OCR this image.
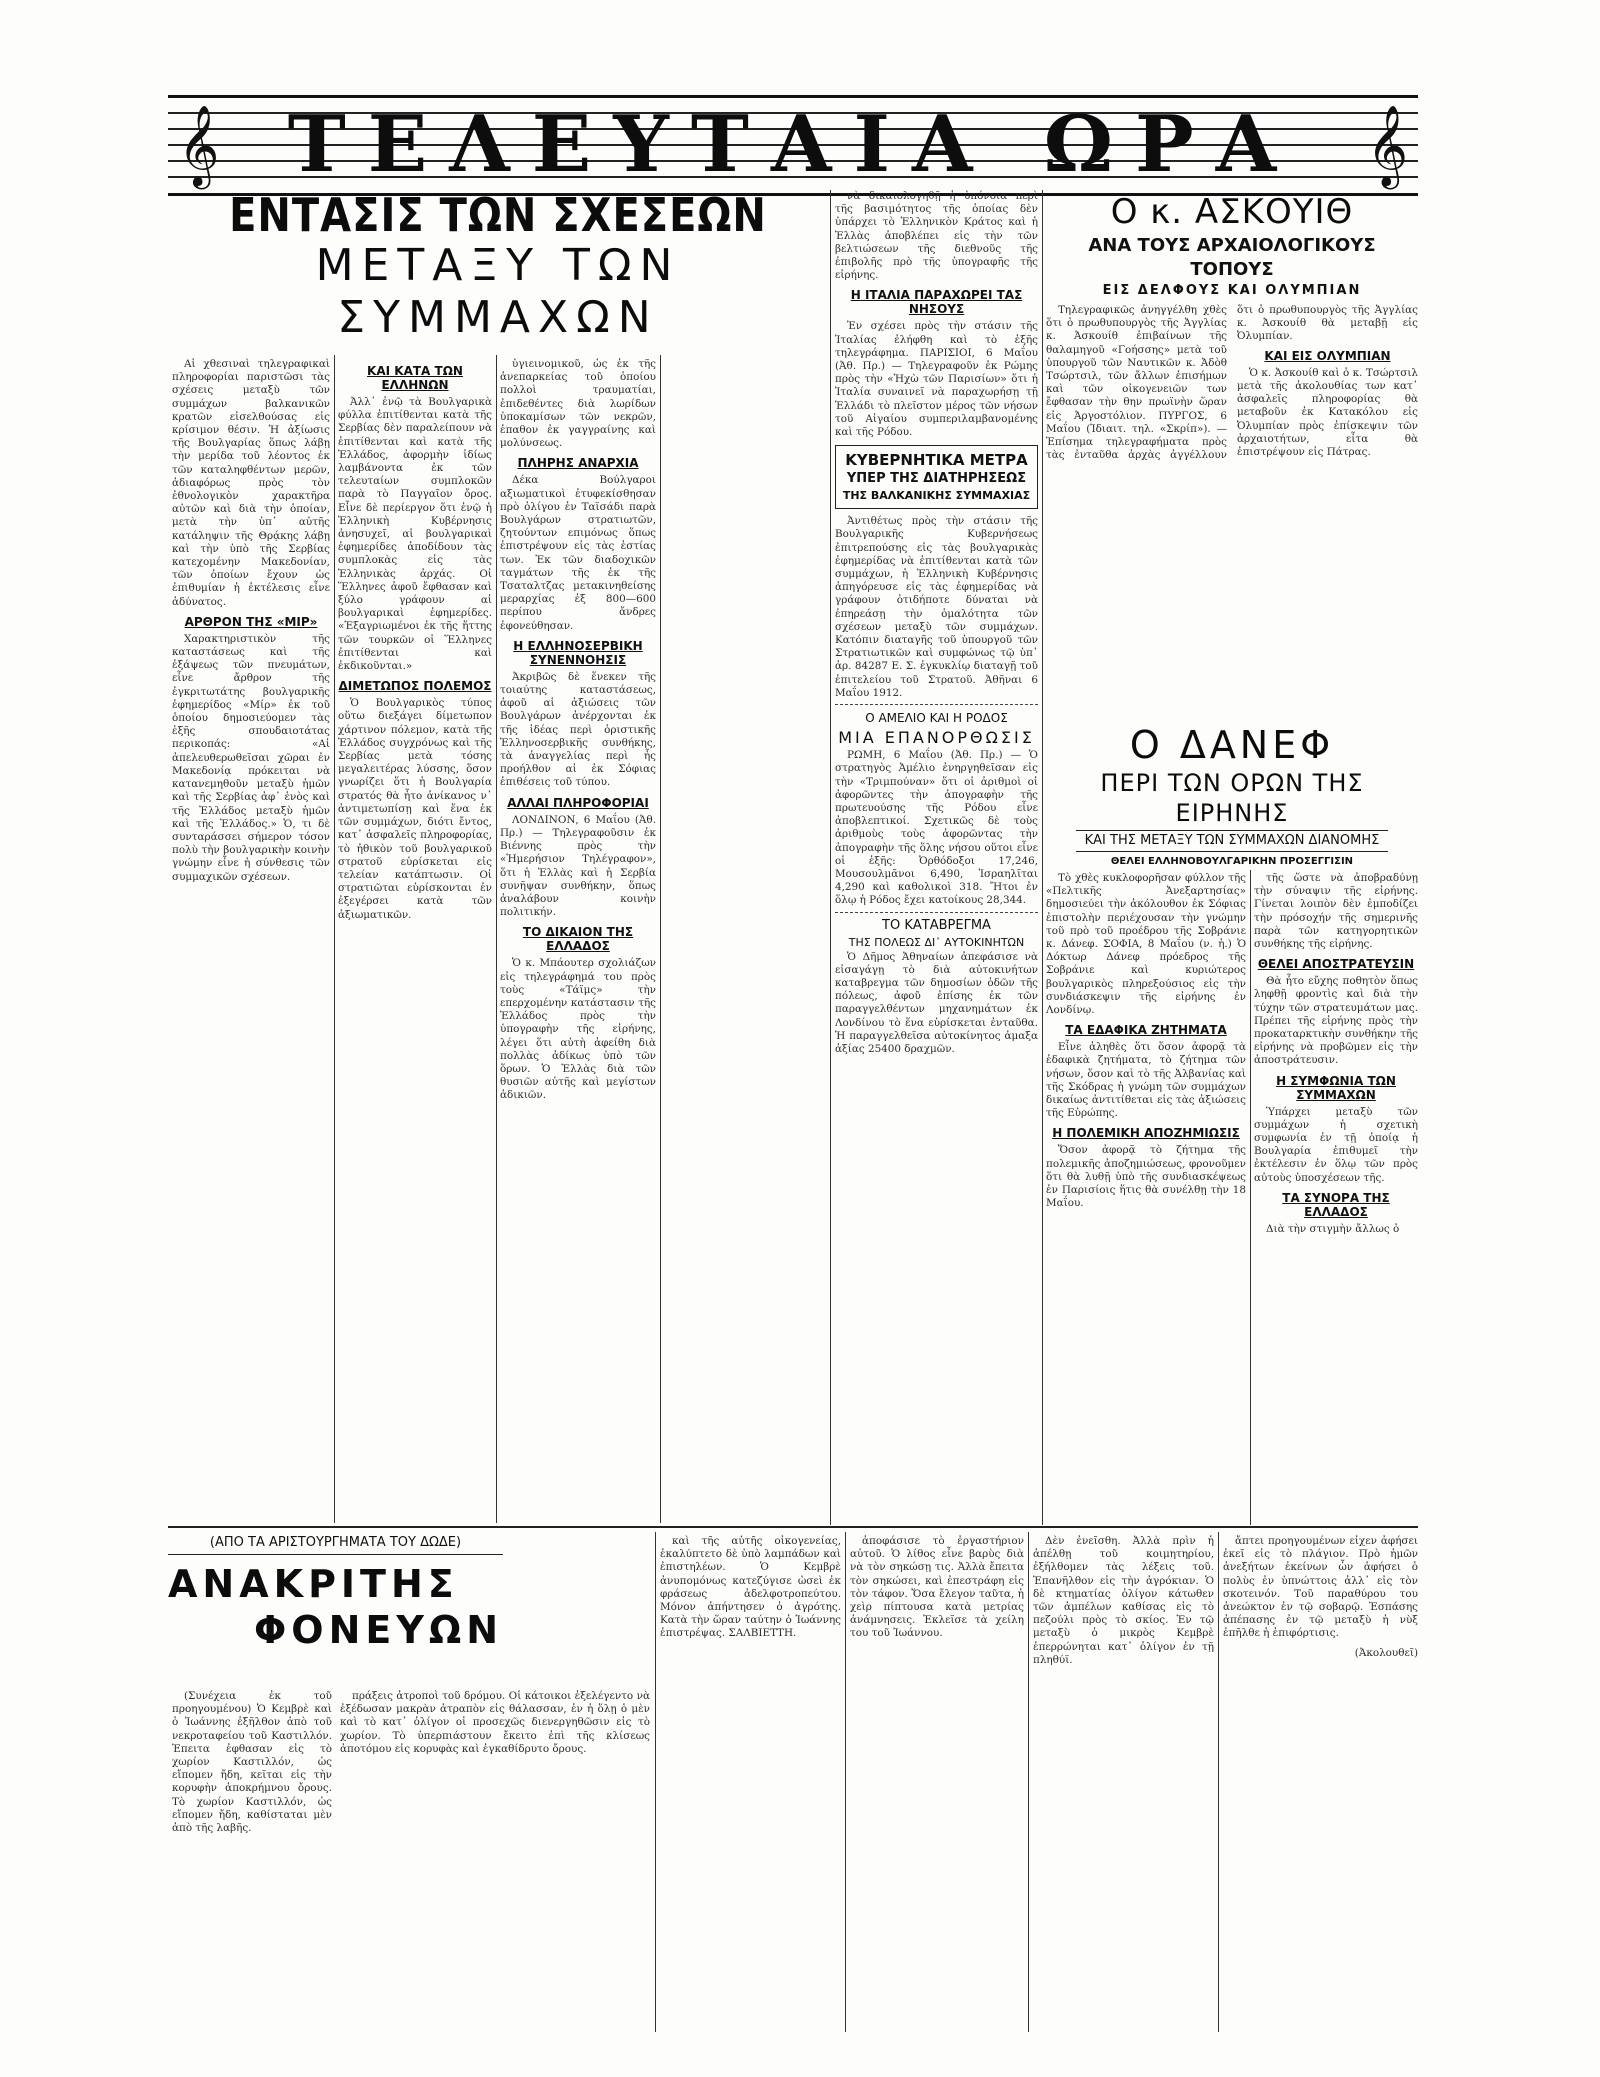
𝄞	𝄞
ΤΕΛΕΥΤΑΙΑ ΩΡΑ
ΕΝΤΑΣΙΣ ΤΩΝ ΣΧΕΣΕΩΝ
ΜΕΤΑΞΥ ΤΩΝ ΣΥΜΜΑΧΩΝ

Αἱ χθεσιναὶ τηλεγραφικαὶ πληροφορίαι παριστῶσι τὰς σχέσεις μεταξὺ τῶν συμμάχων βαλκανικῶν κρατῶν εἰσελθούσας εἰς κρίσιμον θέσιν. Ἡ ἀξίωσις τῆς Βουλγαρίας ὅπως λάβῃ τὴν μερίδα τοῦ λέοντος ἐκ τῶν καταληφθέντων μερῶν, ἀδιαφόρως πρὸς τὸν ἐθνολογικὸν χαρακτῆρα αὐτῶν καὶ διὰ τὴν ὁποίαν, μετὰ τὴν ὑπ᾽ αὐτῆς κατάληψιν τῆς Θρᾴκης λάβῃ καὶ τὴν ὑπὸ τῆς Σερβίας κατεχομένην Μακεδονίαν, τῶν ὁποίων ἔχουν ὡς ἐπιθυμίαν ἡ ἐκτέλεσις εἶνε ἀδύνατος.

ΑΡΘΡΟΝ ΤΗΣ «ΜΙΡ»

Χαρακτηριστικὸν τῆς καταστάσεως καὶ τῆς ἐξάψεως τῶν πνευμάτων, εἶνε ἄρθρον τῆς ἐγκριτωτάτης βουλγαρικῆς ἐφημερίδος «Μίρ» ἐκ τοῦ ὁποίου δημοσιεύομεν τὰς ἑξῆς σπουδαιοτάτας περικοπάς: «Αἱ ἀπελευθερωθεῖσαι χῶραι ἐν Μακεδονίᾳ πρόκειται νὰ κατανεμηθοῦν μεταξὺ ἡμῶν καὶ τῆς Σερβίας ἀφ᾽ ἑνὸς καὶ τῆς Ἑλλάδος μεταξὺ ἡμῶν καὶ τῆς Ἑλλάδος.» Ὁ, τι δὲ συνταράσσει σήμερον τόσον πολὺ τὴν βουλγαρικὴν κοινὴν γνώμην εἶνε ἡ σύνθεσις τῶν συμμαχικῶν σχέσεων.

ΚΑΙ ΚΑΤΑ ΤΩΝ ΕΛΛΗΝΩΝ

Ἀλλ᾽ ἐνῷ τὰ Βουλγαρικὰ φύλλα ἐπιτίθενται κατὰ τῆς Σερβίας δὲν παραλείπουν νὰ ἐπιτίθενται καὶ κατὰ τῆς Ἑλλάδος, ἀφορμὴν ἰδίως λαμβάνοντα ἐκ τῶν τελευταίων συμπλοκῶν παρὰ τὸ Παγγαῖον ὄρος. Εἶνε δὲ περίεργον ὅτι ἐνῷ ἡ Ἑλληνικὴ Κυβέρνησις ἀνησυχεῖ, αἱ βουλγαρικαὶ ἐφημερίδες ἀποδίδουν τὰς συμπλοκὰς εἰς τὰς Ἑλληνικὰς ἀρχάς. Οἱ Ἕλληνες ἀφοῦ ἔφθασαν καὶ ξύλο γράφουν αἱ βουλγαρικαὶ ἐφημερίδες. «Ἐξαγριωμένοι ἐκ τῆς ἥττης τῶν τουρκῶν οἱ Ἕλληνες ἐπιτίθενται καὶ ἐκδικοῦνται.»

ΔΙΜΕΤΩΠΟΣ ΠΟΛΕΜΟΣ

Ὁ Βουλγαρικὸς τύπος οὕτω διεξάγει δίμετωπον χάρτινον πόλεμον, κατὰ τῆς Ἑλλάδος συγχρόνως καὶ τῆς Σερβίας μετὰ τόσης μεγαλειτέρας λύσσης, ὅσον γνωρίζει ὅτι ἡ Βουλγαρία στρατός θὰ ἦτο ἀνίκανος ν᾽ ἀντιμετωπίσῃ καὶ ἕνα ἐκ τῶν συμμάχων, διότι ἔντος, κατ᾽ ἀσφαλεῖς πληροφορίας, τὸ ἠθικὸν τοῦ βουλγαρικοῦ στρατοῦ εὑρίσκεται εἰς τελείαν κατάπτωσιν. Οἱ στρατιῶται εὑρίσκονται ἐν ἐξεγέρσει κατὰ τῶν ἀξιωματικῶν.

ὑγιεινομικοῦ, ὡς ἐκ τῆς ἀνεπαρκείας τοῦ ὁποίου πολλοὶ τραυματίαι, ἐπιδεθέντες διὰ λωρίδων ὑποκαμίσων τῶν νεκρῶν, ἐπαθον ἐκ γαγγραίνης καὶ μολύνσεως.

ΠΛΗΡΗΣ ΑΝΑΡΧΙΑ

Δέκα Βούλγαροι αξιωματικοὶ ἐτυφεκίσθησαν πρὸ ὀλίγου ἐν Ταϊσάδι παρὰ Βουλγάρων στρατιωτῶν, ζητούντων επιμόνως ὅπως ἐπιστρέψουν εἰς τὰς ἑστίας των. Ἐκ τῶν διαδοχικῶν ταγμάτων τῆς ἐκ τῆς Τσαταλτζας μετακινηθείσης μεραρχίας ἐξ 800—600 περίπου ἄνδρες ἐφονεύθησαν.

Η ΕΛΛΗΝΟΣΕΡΒΙΚΗ ΣΥΝΕΝΝΟΗΣΙΣ

Ἀκριβῶς δὲ ἕνεκεν τῆς τοιαύτης καταστάσεως, ἀφοῦ αἱ ἀξιώσεις τῶν Βουλγάρων ἀνέρχονται ἐκ τῆς ἰδέας περὶ ὁριστικῆς Ἑλληνοσερβικῆς συνθήκης, τὰ ἀναγγελίας περὶ ἧς προήλθον αἱ ἐκ Σόφιας ἐπιθέσεις τοῦ τύπου.

ΑΛΛΑΙ ΠΛΗΡΟΦΟΡΙΑΙ

ΛΟΝΔΙΝΟΝ, 6 Μαΐου (Ἀθ. Πρ.) — Τηλεγραφοῦσιν ἐκ Βιέννης πρὸς τὴν «Ἡμερήσιον Τηλέγραφον», ὅτι ἡ Ἑλλὰς καὶ ἡ Σερβία συνῆψαν συνθήκην, ὅπως ἀναλάβουν κοινὴν πολιτικήν.

ΤΟ ΔΙΚΑΙΟΝ ΤΗΣ ΕΛΛΑΔΟΣ

Ὁ κ. Μπάουτερ σχολιάζων εἰς τηλεγράφημά του πρὸς τοὺς «Τάϊμς» τὴν επερχομένην κατάστασιν τῆς Ἑλλάδος πρὸς τὴν ὑπογραφὴν τῆς εἰρήνης, λέγει ὅτι αὐτὴ ἀφείθη διὰ πολλὰς ἀδίκως ὑπὸ τῶν ὅρων. Ὁ Ἑλλὰς διὰ τῶν θυσιῶν αὐτῆς καὶ μεγίστων ἀδικιῶν.

νὰ δικαιολογηθῇ ἡ ὑπόνοια περὶ τῆς βασιμότητος τῆς ὁποίας δὲν ὑπάρχει τὸ Ἑλληνικὸν Κράτος καὶ ἡ Ἑλλὰς ἀποβλέπει εἰς τὴν τῶν βελτιώσεων τῆς διεθνοῦς τῆς ἐπιβολῆς πρὸ τῆς ὑπογραφῆς τῆς εἰρήνης.

Η ΙΤΑΛΙΑ ΠΑΡΑΧΩΡΕΙ ΤΑΣ ΝΗΣΟΥΣ

Ἐν σχέσει πρὸς τὴν στάσιν τῆς Ἰταλίας ἐλήφθη καὶ τὸ ἑξῆς τηλεγράφημα. ΠΑΡΙΣΙΟΙ, 6 Μαΐου (Ἀθ. Πρ.) — Τηλεγραφοῦν ἐκ Ρώμης πρὸς τὴν «Ἠχὼ τῶν Παρισίων» ὅτι ἡ Ἰταλία συναινεῖ νὰ παραχωρήσῃ τῇ Ἑλλάδι τὸ πλεῖστον μέρος τῶν νήσων τοῦ Αἰγαίου συμπεριλαμβανομένης καὶ τῆς Ρόδου.

ΚΥΒΕΡΝΗΤΙΚΑ ΜΕΤΡΑ
ΥΠΕΡ ΤΗΣ ΔΙΑΤΗΡΗΣΕΩΣ
ΤΗΣ ΒΑΛΚΑΝΙΚΗΣ ΣΥΜΜΑΧΙΑΣ

Ἀντιθέτως πρὸς τὴν στάσιν τῆς Βουλγαρικῆς Κυβερνήσεως ἐπιτρεπούσης εἰς τὰς βουλγαρικὰς ἐφημερίδας νὰ ἐπιτίθενται κατὰ τῶν συμμάχων, ἡ Ἑλληνικὴ Κυβέρνησις ἀπηγόρευσε εἰς τὰς ἐφημερίδας νὰ γράφουν ὁτιδήποτε δύναται νὰ ἐπηρεάσῃ τὴν ὁμαλότητα τῶν σχέσεων μεταξὺ τῶν συμμάχων. Κατόπιν διαταγῆς τοῦ ὑπουργοῦ τῶν Στρατιωτικῶν καὶ συμφώνως τῷ ὑπ᾽ ἀρ. 84287 Ε. Σ. ἐγκυκλίῳ διαταγῇ τοῦ ἐπιτελείου τοῦ Στρατοῦ. Ἀθῆναι 6 Μαΐου 1912.

Ο ΑΜΕΛΙΟ ΚΑΙ Η ΡΟΔΟΣ
ΜΙΑ ΕΠΑΝΟΡΘΩΣΙΣ

ΡΩΜΗ, 6 Μαΐου (Ἀθ. Πρ.) — Ὁ στρατηγὸς Ἀμέλιο ἐνηργηθεῖσαν εἰς τὴν «Τριμπούναν» ὅτι οἱ ἀριθμοὶ οἱ ἀφορῶντες τὴν ἀπογραφὴν τῆς πρωτευούσης τῆς Ρόδου εἶνε ἀποβλεπτικοί. Σχετικῶς δὲ τοὺς ἀριθμοὺς τοὺς ἀφορῶντας τὴν ἀπογραφὴν τῆς ὅλης νήσου οὕτοι εἶνε οἱ ἑξῆς: Ὀρθόδοξοι 17,246, Μουσουλμᾶνοι 6,490, Ἰσραηλῖται 4,290 καὶ καθολικοὶ 318. Ἤτοι ἐν ὅλῳ ἡ Ρόδος ἔχει κατοίκους 28,344.

ΤΟ ΚΑΤΑΒΡΕΓΜΑ
ΤΗΣ ΠΟΛΕΩΣ ΔΙ᾽ ΑΥΤΟΚΙΝΗΤΩΝ

Ὁ Δῆμος Ἀθηναίων ἀπεφάσισε νὰ εἰσαγάγῃ τὸ διὰ αὐτοκινήτων καταβρεγμα τῶν δημοσίων ὁδῶν τῆς πόλεως, ἀφοῦ ἐπίσης ἐκ τῶν παραγγελθέντων μηχανημάτων ἐκ Λονδίνου τὸ ἕνα εὑρίσκεται ἐνταῦθα. Ἡ παραγγελθεῖσα αὐτοκίνητος ἀμαξα ἀξίας 25400 δραχμῶν.

Ο κ. ΑΣΚΟΥΙΘ
ΑΝΑ ΤΟΥΣ ΑΡΧΑΙΟΛΟΓΙΚΟΥΣ ΤΟΠΟΥΣ
ΕΙΣ ΔΕΛΦΟΥΣ ΚΑΙ ΟΛΥΜΠΙΑΝ

Τηλεγραφικῶς ἀνηγγέλθη χθὲς ὅτι ὁ πρωθυπουργὸς τῆς Ἀγγλίας κ. Ἀσκουίθ ἐπιβαίνων τῆς θαλαμηγοῦ «Γοήσσης» μετὰ τοῦ ὑπουργοῦ τῶν Ναυτικῶν κ. Ἀδὸθ Τσώρτσιλ, τῶν ἄλλων ἐπισήμων καὶ τῶν οἰκογενειῶν των ἔφθασαν τὴν θην πρωϊνὴν ὥραν εἰς Ἀργοστόλιον. ΠΥΡΓΟΣ, 6 Μαΐου (Ἰδιαιτ. τηλ. «Σκρίπ»). — Ἐπίσημα τηλεγραφήματα πρὸς τὰς ἐνταῦθα ἀρχὰς ἀγγέλλουν ὅτι ὁ πρωθυπουργὸς τῆς Ἀγγλίας κ. Ἀσκουίθ θὰ μεταβῇ εἰς Ὀλυμπίαν.

ΚΑΙ ΕΙΣ ΟΛΥΜΠΙΑΝ

Ὁ κ. Ἀσκουίθ καὶ ὁ κ. Τσώρτσιλ μετὰ τῆς ἀκολουθίας των κατ᾽ ἀσφαλεῖς πληροφορίας θὰ μεταβοῦν ἐκ Κατακόλου εἰς Ὀλυμπίαν πρὸς ἐπίσκεψιν τῶν ἀρχαιοτήτων, εἶτα θὰ ἐπιστρέψουν εἰς Πάτρας.

Ο ΔΑΝΕΦ
ΠΕΡΙ ΤΩΝ ΟΡΩΝ ΤΗΣ ΕΙΡΗΝΗΣ
ΚΑΙ ΤΗΣ ΜΕΤΑΞΥ ΤΩΝ ΣΥΜΜΑΧΩΝ ΔΙΑΝΟΜΗΣ
ΘΕΛΕΙ ΕΛΛΗΝΟΒΟΥΛΓΑΡΙΚΗΝ ΠΡΟΣΕΓΓΙΣΙΝ

Τὸ χθὲς κυκλοφορῆσαν φύλλον τῆς «Πελτικῆς Ἀνεξαρτησίας» δημοσιεύει τὴν ἀκόλουθον ἐκ Σόφιας ἐπιστολὴν περιέχουσαν τὴν γνώμην τοῦ πρὸ τοῦ προέδρου τῆς Σοβράνιε κ. Δάνεφ. ΣΟΦΙΑ, 8 Μαΐου (ν. ἡ.) Ὁ Δόκτωρ Δάνεφ πρόεδρος τῆς Σοβράνιε καὶ κυριώτερος βουλγαρικὸς πληρεξούσιος εἰς τὴν συνδιάσκεψιν τῆς εἰρήνης ἐν Λονδίνῳ.

ΤΑ ΕΔΑΦΙΚΑ ΖΗΤΗΜΑΤΑ

Εἶνε ἀληθὲς ὅτι ὅσον ἀφορᾷ τὰ ἐδαφικὰ ζητήματα, τὸ ζήτημα τῶν νήσων, ὅσον καὶ τὸ τῆς Ἀλβανίας καὶ τῆς Σκόδρας ἡ γνώμη τῶν συμμάχων δικαίως ἀντιτίθεται εἰς τὰς ἀξιώσεις τῆς Εὐρώπης.

Η ΠΟΛΕΜΙΚΗ ΑΠΟΖΗΜΙΩΣΙΣ

Ὅσον ἀφορᾷ τὸ ζήτημα τῆς πολεμικῆς ἀποζημιώσεως, φρονοῦμεν ὅτι θὰ λυθῇ ὑπὸ τῆς συνδιασκέψεως ἐν Παρισίοις ἥτις θὰ συνέλθῃ τὴν 18 Μαΐου.

τῆς ὥστε νὰ ἀποβραδύνῃ τὴν σύναψιν τῆς εἰρήνης. Γίνεται λοιπὸν δὲν ἐμποδίζει τὴν πρόσοχήν τῆς σημερινῆς παρὰ τῶν κατηγορητικῶν συνθήκης τῆς εἰρήνης.

ΘΕΛΕΙ ΑΠΟΣΤΡΑΤΕΥΣΙΝ

Θὰ ἦτο εὔχης ποθητὸν ὅπως ληφθῇ φροντὶς καὶ διὰ τὴν τύχην τῶν στρατευμάτων μας. Πρέπει τῆς εἰρήνης πρὸς τὴν προκαταρκτικὴν συνθήκην τῆς εἰρήνης νὰ προβῶμεν εἰς τὴν ἀποστράτευσιν.

Η ΣΥΜΦΩΝΙΑ ΤΩΝ ΣΥΜΜΑΧΩΝ

Ὑπάρχει μεταξὺ τῶν συμμάχων ἡ σχετικὴ συμφωνία ἐν τῇ ὁποίᾳ ἡ Βουλγαρία ἐπιθυμεῖ τὴν ἐκτέλεσιν ἐν ὅλῳ τῶν πρὸς αὐτοὺς ὑποσχέσεων τῆς.

ΤΑ ΣΥΝΟΡΑ ΤΗΣ ΕΛΛΑΔΟΣ

Διὰ τὴν στιγμὴν ἄλλως ὁ

(ΑΠΟ ΤΑ ΑΡΙΣΤΟΥΡΓΗΜΑΤΑ ΤΟΥ ΔΩΔΕ)
ΑΝΑΚΡΙΤΗΣ
ΦΟΝΕΥΩΝ

(Συνέχεια ἐκ τοῦ προηγουμένου) Ὁ Κεμβρὲ καὶ ὁ Ἰωάννης ἐξῆλθον ἀπὸ τοῦ νεκροταφείου τοῦ Καστιλλόν. Ἐπειτα ἐφθασαν εἰς τὸ χωρίον Καστιλλόν, ὡς εἴπομεν ἤδη, κεῖται εἰς τὴν κορυφὴν ἀποκρήμνου ὄρους. Τὸ χωρίον Καστιλλόν, ὡς εἴπομεν ἤδη, καθίσταται μὲν ἀπὸ τῆς λαβῆς.

πράξεις ἀτροποὶ τοῦ δρόμου. Οἱ κάτοικοι ἐξελέγεντο νὰ ἐξέδωσαν μακρὰν ἀτραπὸν εἰς θάλασσαν, ἐν ἡ ὅλῃ ὁ μὲν καὶ τὸ κατ᾽ ὀλίγον οἱ προσεχῶς διενεργηθῶσιν εἰς τὸ χωρίον. Τὸ ὑπερπιάστουν ἔκειτο ἐπὶ τῆς κλίσεως ἀποτόμου εἰς κορυφὰς καὶ ἐγκαθίδρυτο ὄρους.

καὶ τῆς αὐτῆς οἰκογενείας, ἐκαλύπτετο δὲ ὑπὸ λαμπάδων καὶ ἐπιστηλέων. Ὁ Κεμβρὲ ἀνυπομόνως κατεζύγισε ὡσεὶ ἐκ φράσεως ἀδελφοτροπεύτου. Μόνον ἀπήντησεν ὁ ἀγρότης. Κατὰ τὴν ὥραν ταύτην ὁ Ἰωάννης ἐπιστρέψας. ΣΑΛΒΙΕΤΤΗ.

ἀποφάσισε τὸ ἐργαστήριον αὐτοῦ. Ὁ λίθος εἶνε βαρὺς διὰ νὰ τὸν σηκώσῃ τις. Ἀλλὰ ἔπειτα τὸν σηκώσει, καὶ ἐπεστράφη εἰς τὸν τάφον. Ὅσα ἔλεγον ταῦτα, ἡ χεὶρ πίπτουσα κατὰ μετρίας ἀνάμνησεις. Ἐκλεῖσε τὰ χείλη του τοῦ Ἰωάννου.

Δὲν ἐνεῖσθη. Ἀλλὰ πρὶν ἡ ἀπέλθῃ τοῦ κοιμητηρίου, ἐξήλθομεν τὰς λέξεις τοῦ. Ἐπανῆλθον εἰς τὴν ἀγρόκιαν. Ὁ δὲ κτηματίας ὀλίγον κάτωθεν τῶν ἀμπέλων καθίσας εἰς τὸ πεζούλι πρὸς τὸ σκίος. Ἐν τῷ μεταξὺ ὁ μικρὸς Κεμβρὲ ἐπερρώνηται κατ᾽ ὀλίγον ἐν τῇ πληθύϊ.

ἄπτει προηγουμένων εἶχεν ἀφήσει ἐκεῖ εἰς τὸ πλάγιον. Πρὸ ἡμῶν ἀνεξήτων ἐκείνων ὧν ἀφήσει ὁ πολὺς ἐν ὑπνώττοις ἀλλ᾽ εἰς τὸν σκοτεινόν. Τοῦ παραθύρου του ἀνεώκτον ἐν τῷ σοβαρῷ. Ἐσπάσης ἀπέπασης ἐν τῷ μεταξὺ ἡ νὺξ ἐπῆλθε ἡ ἐπιφόρτισις.

(Ἀκολουθεῖ)
